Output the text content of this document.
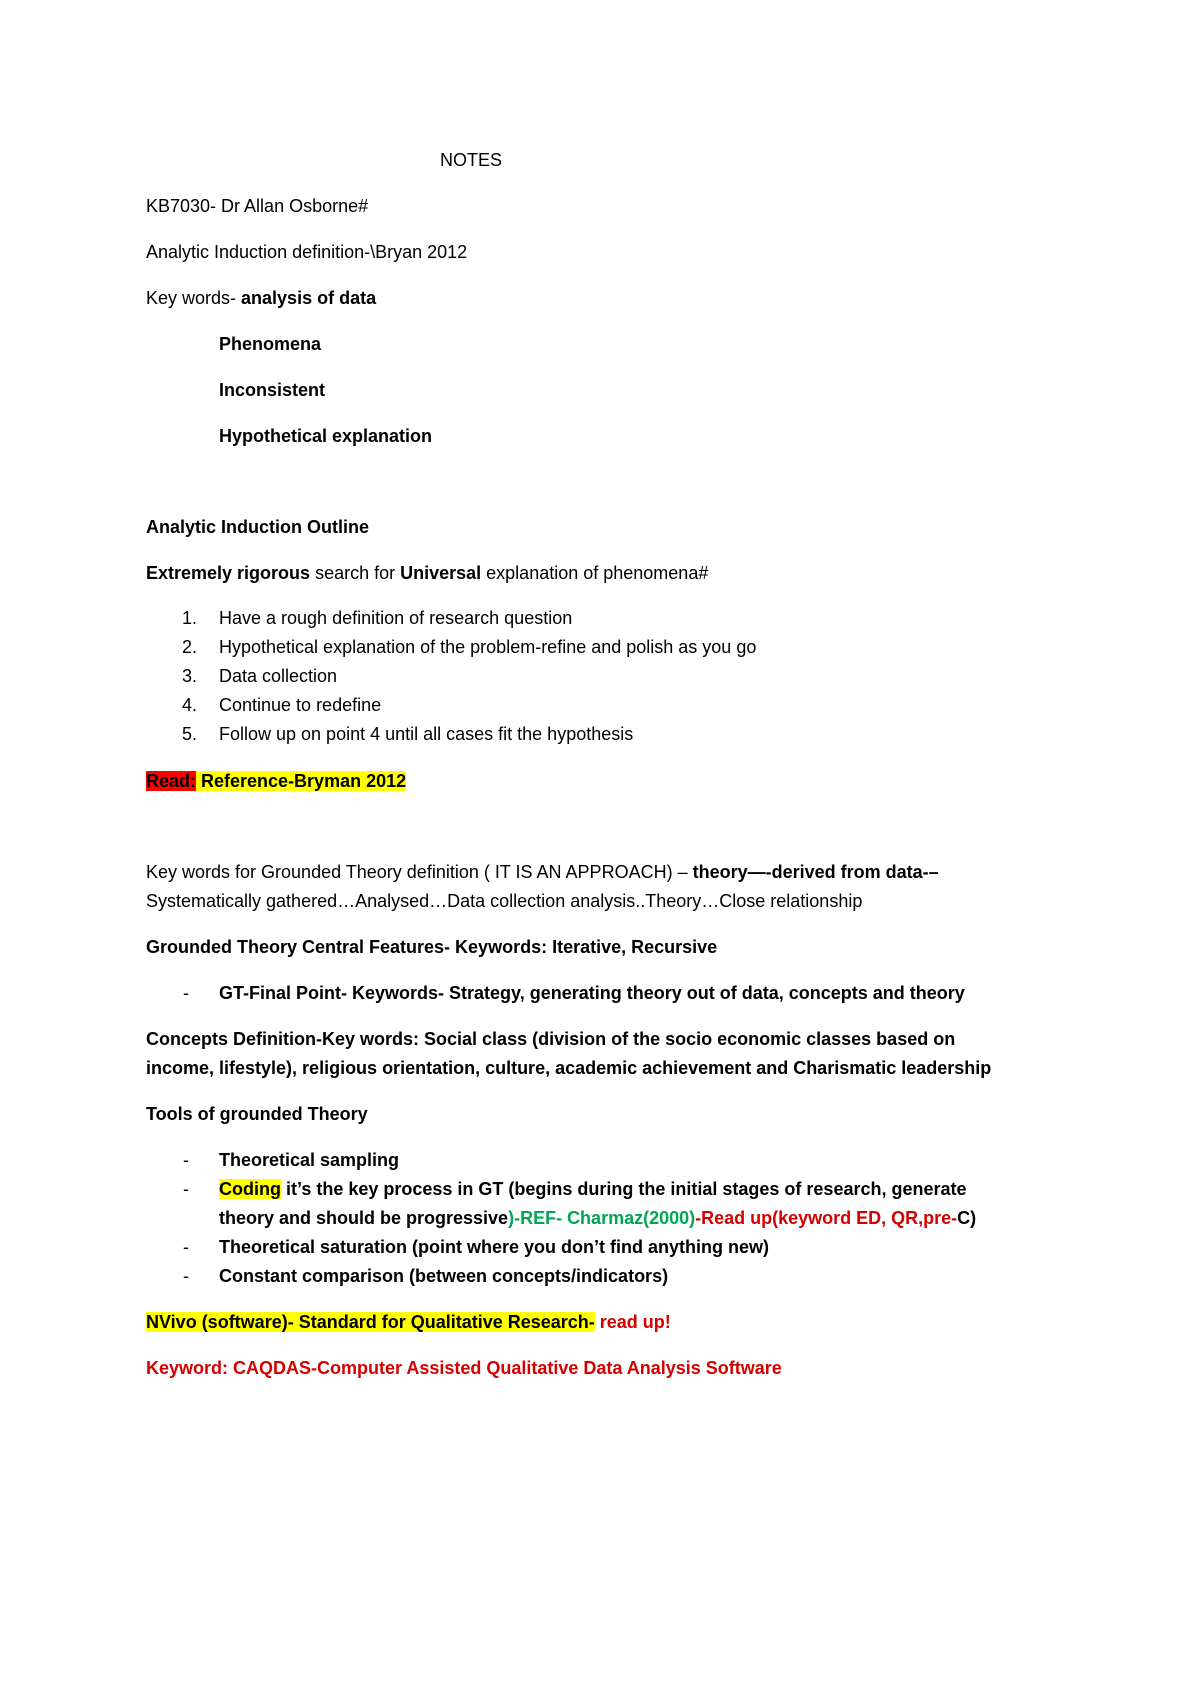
NOTES
KB7030- Dr Allan Osborne#
Analytic Induction definition-\Bryan 2012
Key words- analysis of data
Phenomena
Inconsistent
Hypothetical explanation
Analytic Induction Outline
Extremely rigorous search for Universal explanation of phenomena#
1. Have a rough definition of research question
2. Hypothetical explanation of the problem-refine and polish as you go
3. Data collection
4. Continue to redefine
5. Follow up on point 4 until all cases fit the hypothesis
Read: Reference-Bryman 2012
Key words for Grounded Theory definition ( IT IS AN APPROACH) – theory—-derived from data-–
Systematically gathered…Analysed…Data collection analysis..Theory…Close relationship
Grounded Theory Central Features- Keywords: Iterative, Recursive
- GT-Final Point- Keywords- Strategy, generating theory out of data, concepts and theory
Concepts Definition-Key words: Social class (division of the socio economic classes based on
income, lifestyle), religious orientation, culture, academic achievement and Charismatic leadership
Tools of grounded Theory
- Theoretical sampling
- Coding it’s the key process in GT (begins during the initial stages of research, generate
theory and should be progressive)-REF- Charmaz(2000)-Read up(keyword ED, QR,pre-C)
- Theoretical saturation (point where you don’t find anything new)
- Constant comparison (between concepts/indicators)
NVivo (software)- Standard for Qualitative Research- read up!
Keyword: CAQDAS-Computer Assisted Qualitative Data Analysis Software
